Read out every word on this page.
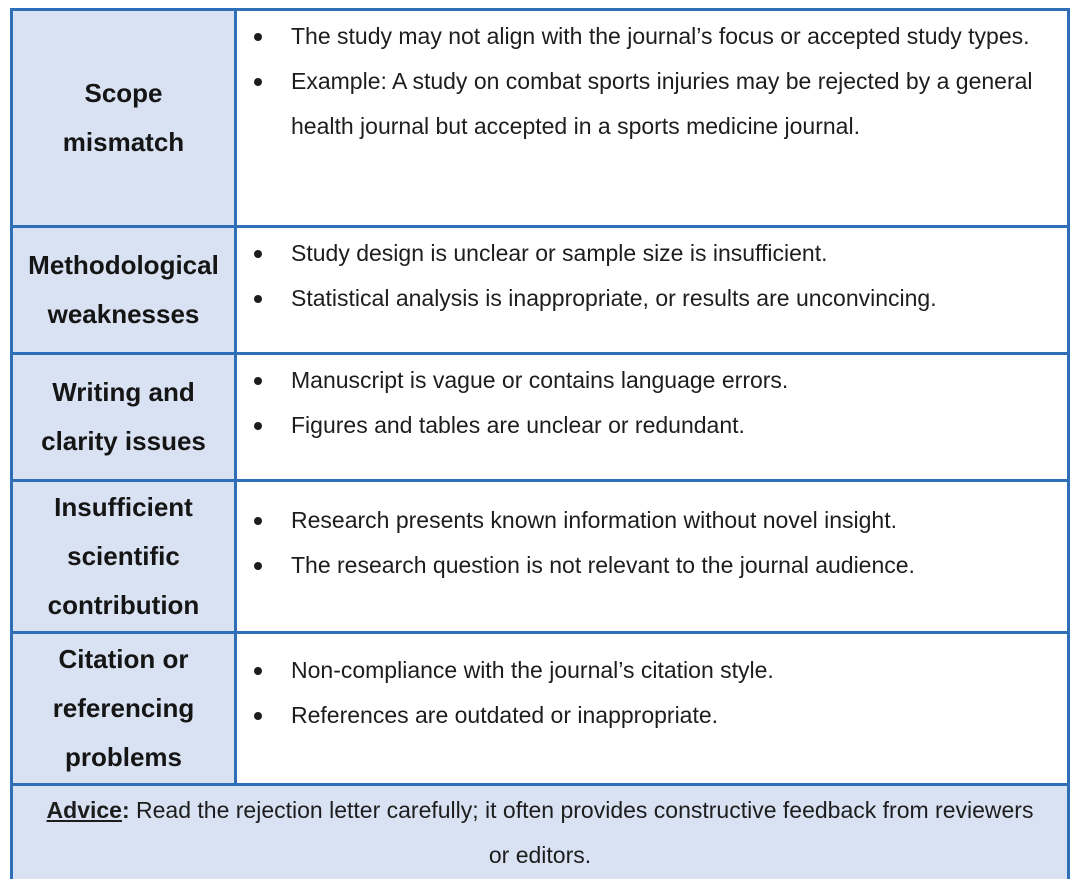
Scope mismatch
The study may not align with the journal’s focus or accepted study types.
Example: A study on combat sports injuries may be rejected by a general health journal but accepted in a sports medicine journal.
Methodological weaknesses
Study design is unclear or sample size is insufficient.
Statistical analysis is inappropriate, or results are unconvincing.
Writing and clarity issues
Manuscript is vague or contains language errors.
Figures and tables are unclear or redundant.
Insufficient scientific contribution
Research presents known information without novel insight.
The research question is not relevant to the journal audience.
Citation or referencing problems
Non-compliance with the journal’s citation style.
References are outdated or inappropriate.
Advice: Read the rejection letter carefully; it often provides constructive feedback from reviewers or editors.
